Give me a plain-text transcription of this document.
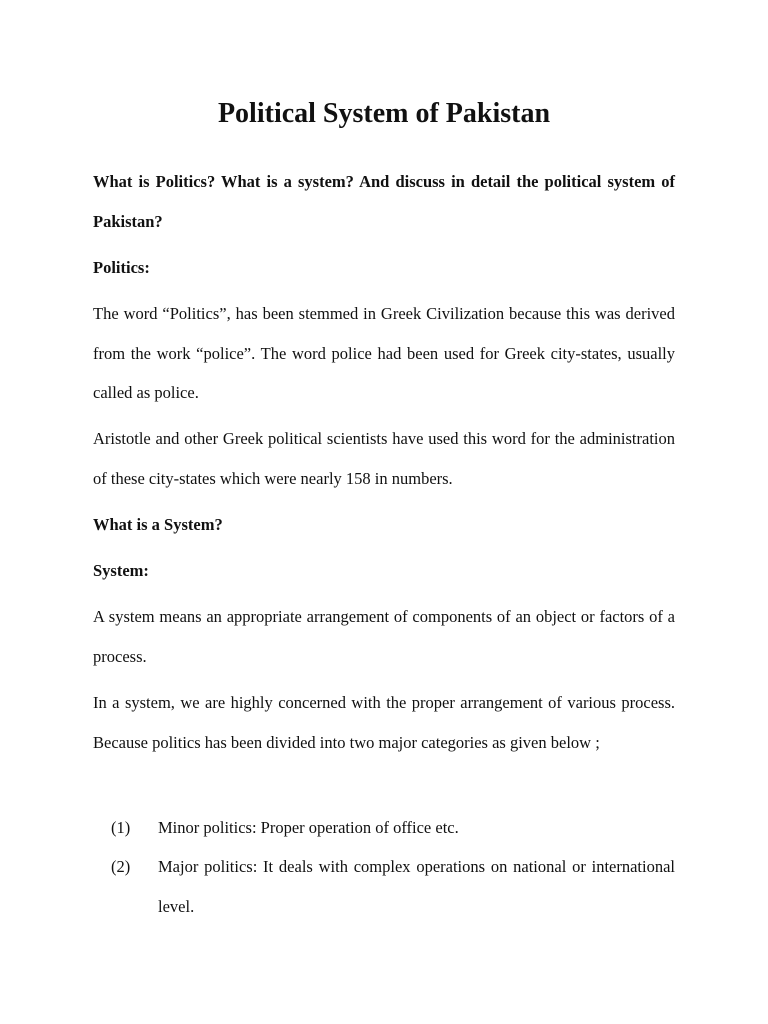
Political System of Pakistan

What is Politics? What is a system? And discuss in detail the political system of Pakistan?

Politics:

The word “Politics”, has been stemmed in Greek Civilization because this was derived from the work “police”. The word police had been used for Greek city-states, usually called as police.

Aristotle and other Greek political scientists have used this word for the administration of these city-states which were nearly 158 in numbers.

What is a System?

System:

A system means an appropriate arrangement of components of an object or factors of a process.

In a system, we are highly concerned with the proper arrangement of various process. Because politics has been divided into two major categories as given below ;

(1) Minor politics: Proper operation of office etc.
(2) Major politics: It deals with complex operations on national or international level.
